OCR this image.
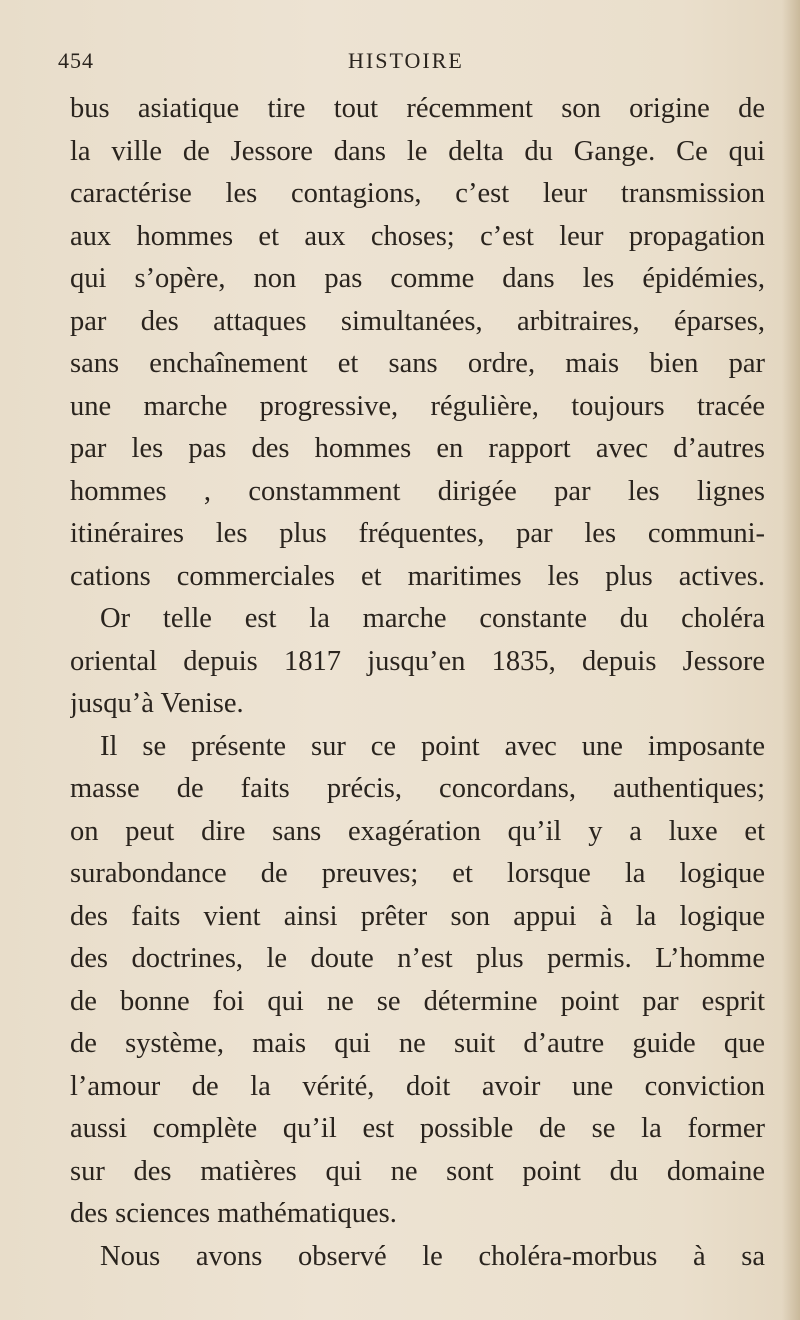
454	HISTOIRE
bus asiatique tire tout récemment son origine de
la ville de Jessore dans le delta du Gange. Ce qui
caractérise les contagions, c’est leur transmission
aux hommes et aux choses; c’est leur propagation
qui s’opère, non pas comme dans les épidémies,
par des attaques simultanées, arbitraires, éparses,
sans enchaînement et sans ordre, mais bien par
une marche progressive, régulière, toujours tracée
par les pas des hommes en rapport avec d’autres
hommes , constamment dirigée par les lignes
itinéraires les plus fréquentes, par les communi-
cations commerciales et maritimes les plus actives.
Or telle est la marche constante du choléra
oriental depuis 1817 jusqu’en 1835, depuis Jessore
jusqu’à Venise.
Il se présente sur ce point avec une imposante
masse de faits précis, concordans, authentiques;
on peut dire sans exagération qu’il y a luxe et
surabondance de preuves; et lorsque la logique
des faits vient ainsi prêter son appui à la logique
des doctrines, le doute n’est plus permis. L’homme
de bonne foi qui ne se détermine point par esprit
de système, mais qui ne suit d’autre guide que
l’amour de la vérité, doit avoir une conviction
aussi complète qu’il est possible de se la former
sur des matières qui ne sont point du domaine
des sciences mathématiques.
Nous avons observé le choléra-morbus à sa
